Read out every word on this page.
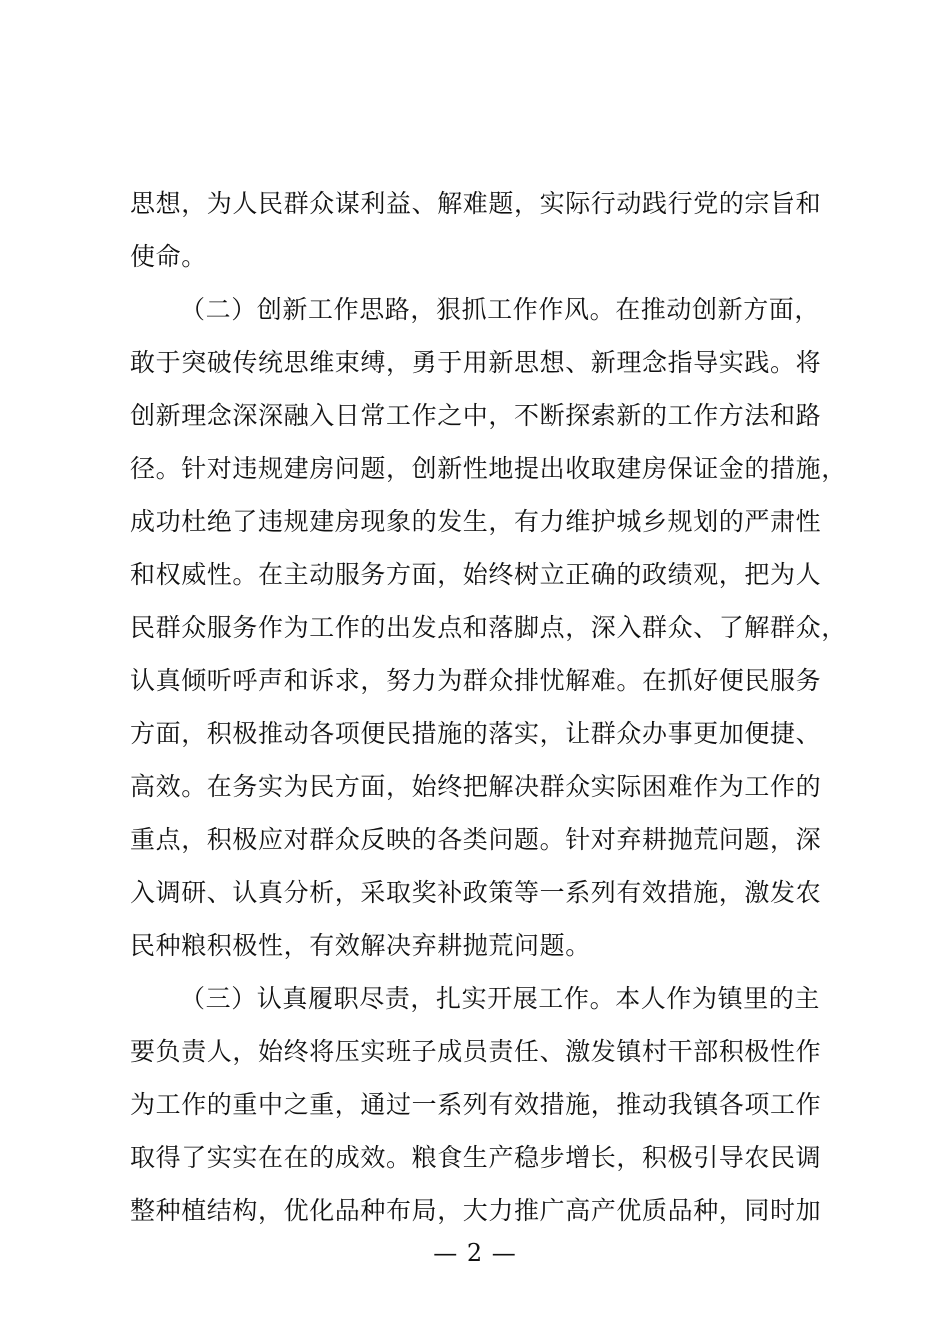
思想，为人民群众谋利益、解难题，实际行动践行党的宗旨和
使命。
（二）创新工作思路，狠抓工作作风。在推动创新方面，
敢于突破传统思维束缚，勇于用新思想、新理念指导实践。将
创新理念深深融入日常工作之中，不断探索新的工作方法和路
径。针对违规建房问题，创新性地提出收取建房保证金的措施，
成功杜绝了违规建房现象的发生，有力维护城乡规划的严肃性
和权威性。在主动服务方面，始终树立正确的政绩观，把为人
民群众服务作为工作的出发点和落脚点，深入群众、了解群众，
认真倾听呼声和诉求，努力为群众排忧解难。在抓好便民服务
方面，积极推动各项便民措施的落实，让群众办事更加便捷、
高效。在务实为民方面，始终把解决群众实际困难作为工作的
重点，积极应对群众反映的各类问题。针对弃耕抛荒问题，深
入调研、认真分析，采取奖补政策等一系列有效措施，激发农
民种粮积极性，有效解决弃耕抛荒问题。
（三）认真履职尽责，扎实开展工作。本人作为镇里的主
要负责人，始终将压实班子成员责任、激发镇村干部积极性作
为工作的重中之重，通过一系列有效措施，推动我镇各项工作
取得了实实在在的成效。粮食生产稳步增长，积极引导农民调
整种植结构，优化品种布局，大力推广高产优质品种，同时加
— 2 —
